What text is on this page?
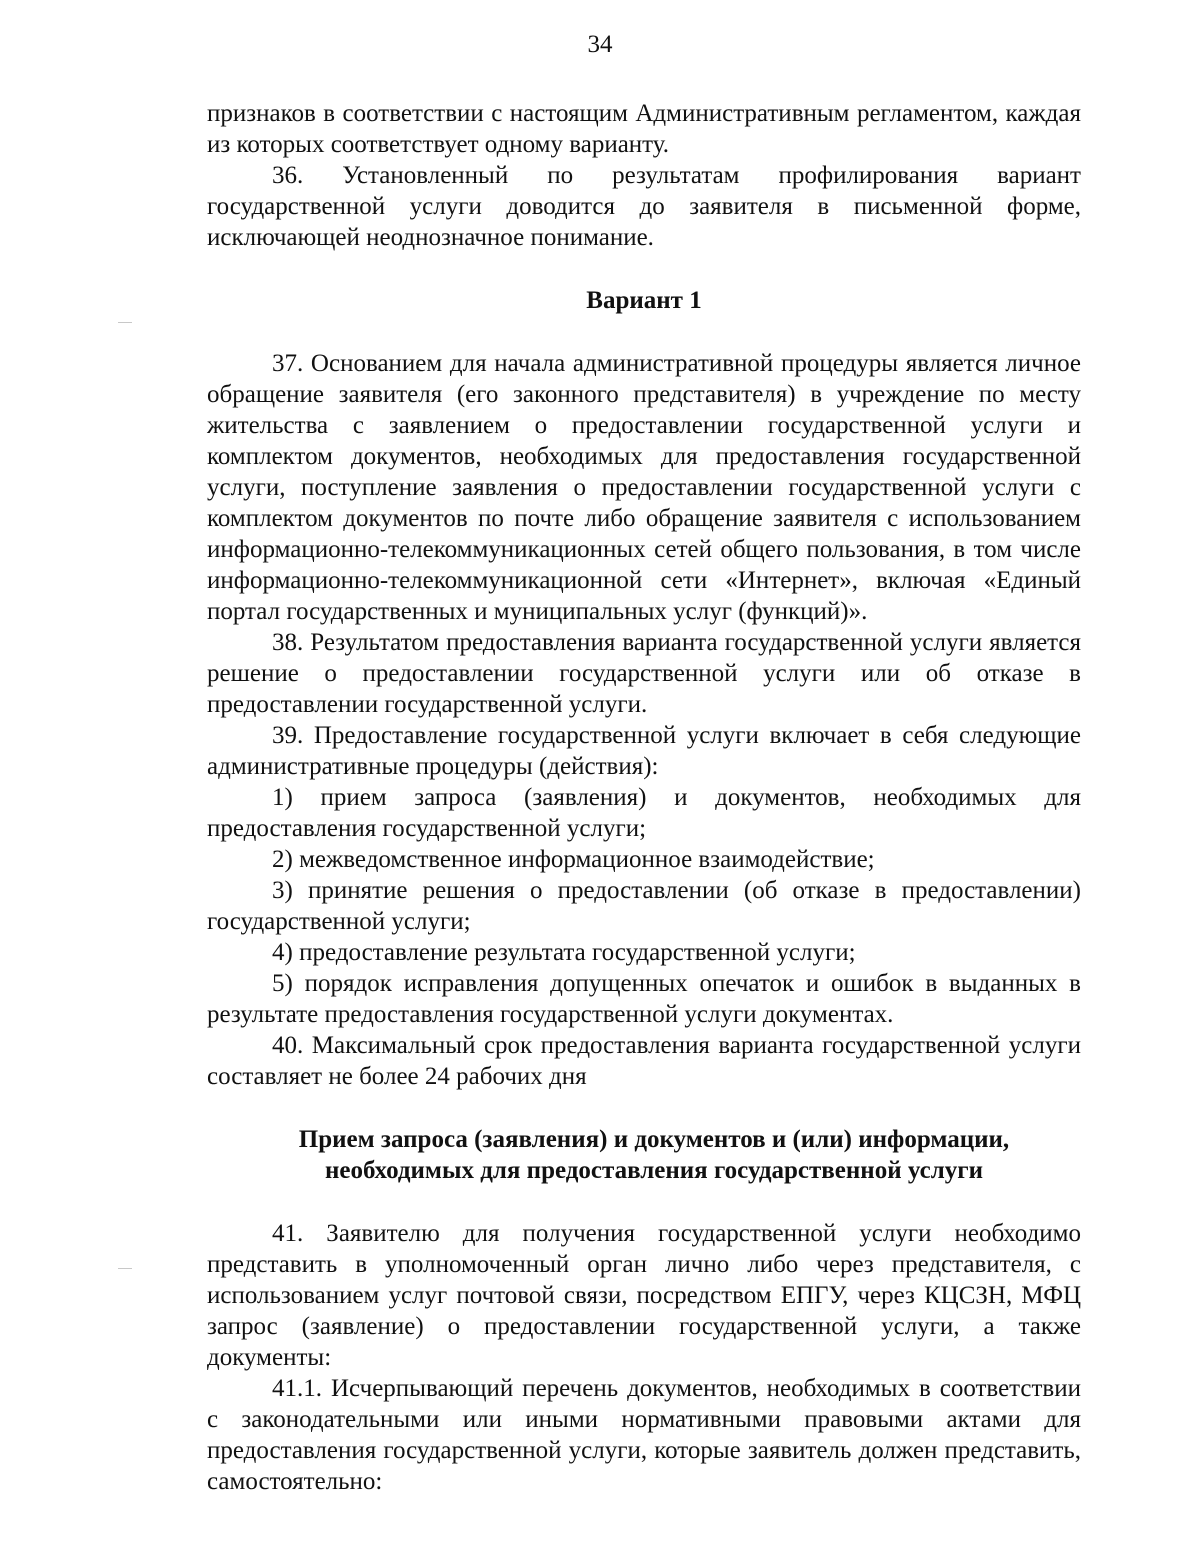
34

признаков в соответствии с настоящим Административным регламентом, каждая из которых соответствует одному варианту.

36. Установленный по результатам профилирования вариант государственной услуги доводится до заявителя в письменной форме, исключающей неоднозначное понимание.

Вариант 1

37. Основанием для начала административной процедуры является личное обращение заявителя (его законного представителя) в учреждение по месту жительства с заявлением о предоставлении государственной услуги и комплектом документов, необходимых для предоставления государственной услуги, поступление заявления о предоставлении государственной услуги с комплектом документов по почте либо обращение заявителя с использованием информационно-телекоммуникационных сетей общего пользования, в том числе информационно-телекоммуникационной сети «Интернет», включая «Единый портал государственных и муниципальных услуг (функций)».

38. Результатом предоставления варианта государственной услуги является решение о предоставлении государственной услуги или об отказе в предоставлении государственной услуги.

39. Предоставление государственной услуги включает в себя следующие административные процедуры (действия):

1) прием запроса (заявления) и документов, необходимых для предоставления государственной услуги;

2) межведомственное информационное взаимодействие;

3) принятие решения о предоставлении (об отказе в предоставлении) государственной услуги;

4) предоставление результата государственной услуги;

5) порядок исправления допущенных опечаток и ошибок в выданных в результате предоставления государственной услуги документах.

40. Максимальный срок предоставления варианта государственной услуги составляет не более 24 рабочих дня

Прием запроса (заявления) и документов и (или) информации,
необходимых для предоставления государственной услуги

41. Заявителю для получения государственной услуги необходимо представить в уполномоченный орган лично либо через представителя, с использованием услуг почтовой связи, посредством ЕПГУ, через КЦСЗН, МФЦ запрос (заявление) о предоставлении государственной услуги, а также документы:

41.1. Исчерпывающий перечень документов, необходимых в соответствии с законодательными или иными нормативными правовыми актами для предоставления государственной услуги, которые заявитель должен представить, самостоятельно:
